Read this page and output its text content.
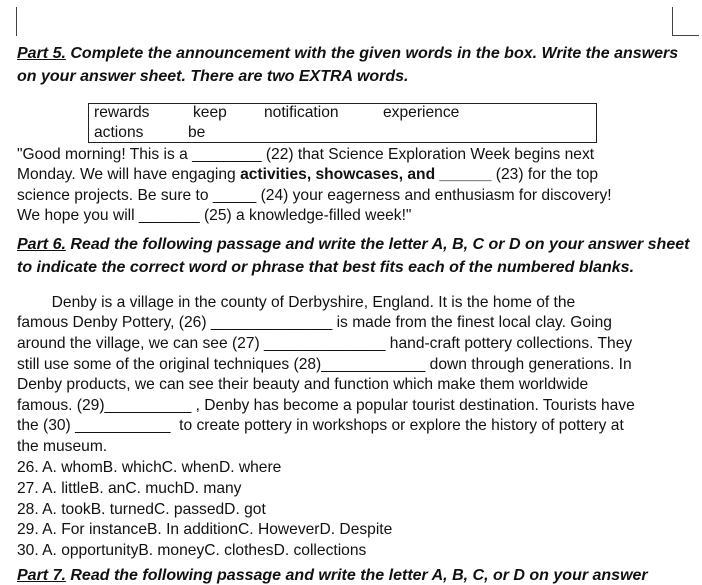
Part 5. Complete the announcement with the given words in the box. Write the answers
on your answer sheet. There are two EXTRA words.
rewards	keep notification	experience
actions	be
"Good morning! This is a ________ (22) that Science Exploration Week begins next
Monday. We will have engaging activities, showcases, and ______ (23) for the top
science projects. Be sure to _____ (24) your eagerness and enthusiasm for discovery!
We hope you will _______ (25) a knowledge-filled week!"
Part 6. Read the following passage and write the letter A, B, C or D on your answer sheet
to indicate the correct word or phrase that best fits each of the numbered blanks.
Denby is a village in the county of Derbyshire, England. It is the home of the
famous Denby Pottery, (26) ______________ is made from the finest local clay. Going
around the village, we can see (27) ______________ hand-craft pottery collections. They
still use some of the original techniques (28)____________ down through generations. In
Denby products, we can see their beauty and function which make them worldwide
famous. (29)__________ , Denby has become a popular tourist destination. Tourists have
the (30) ___________  to create pottery in workshops or explore the history of pottery at
the museum.
26. A. whomB. whichC. whenD. where
27. A. littleB. anC. muchD. many
28. A. tookB. turnedC. passedD. got
29. A. For instanceB. In additionC. HoweverD. Despite
30. A. opportunityB. moneyC. clothesD. collections
Part 7. Read the following passage and write the letter A, B, C, or D on your answer
